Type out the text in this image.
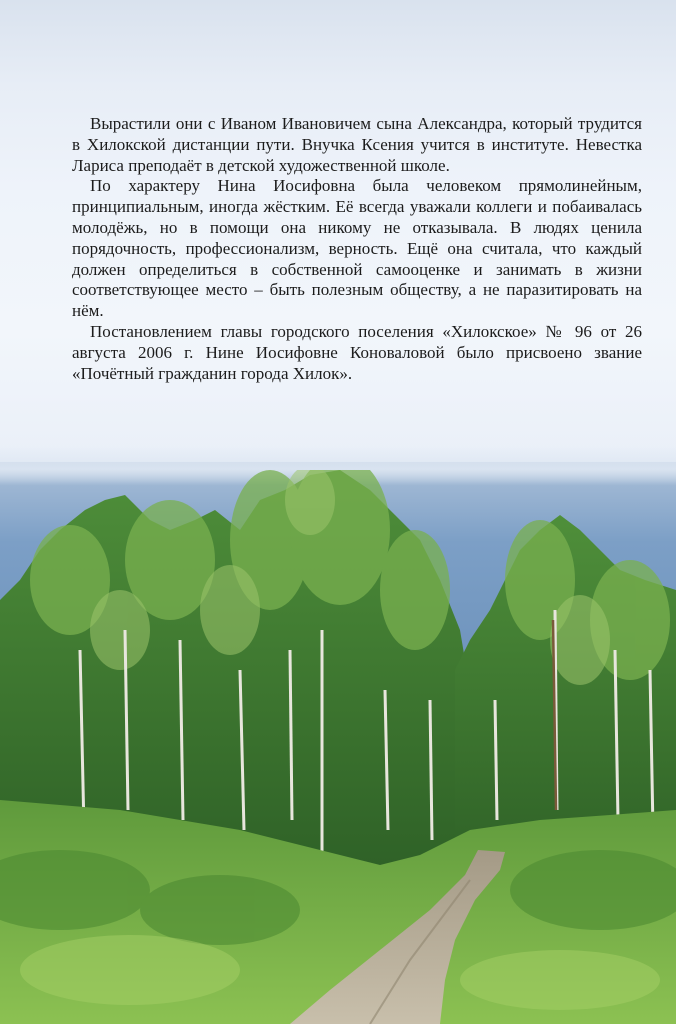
Вырастили они с Иваном Ивановичем сына Александра, который трудится в Хилокской дистанции пути. Внучка Ксения учится в институте. Невестка Лариса преподаёт в детской художественной школе.

По характеру Нина Иосифовна была человеком прямолинейным, принципиальным, иногда жёстким. Её всегда уважали коллеги и побаивалась молодёжь, но в помощи она никому не отказывала. В людях ценила порядочность, профессионализм, верность. Ещё она считала, что каждый должен определиться в собственной самооценке и занимать в жизни соответствующее место – быть полезным обществу, а не паразитировать на нём.

Постановлением главы городского поселения «Хилокское» № 96 от 26 августа 2006 г. Нине Иосифовне Коноваловой было присвоено звание «Почётный гражданин города Хилок».
